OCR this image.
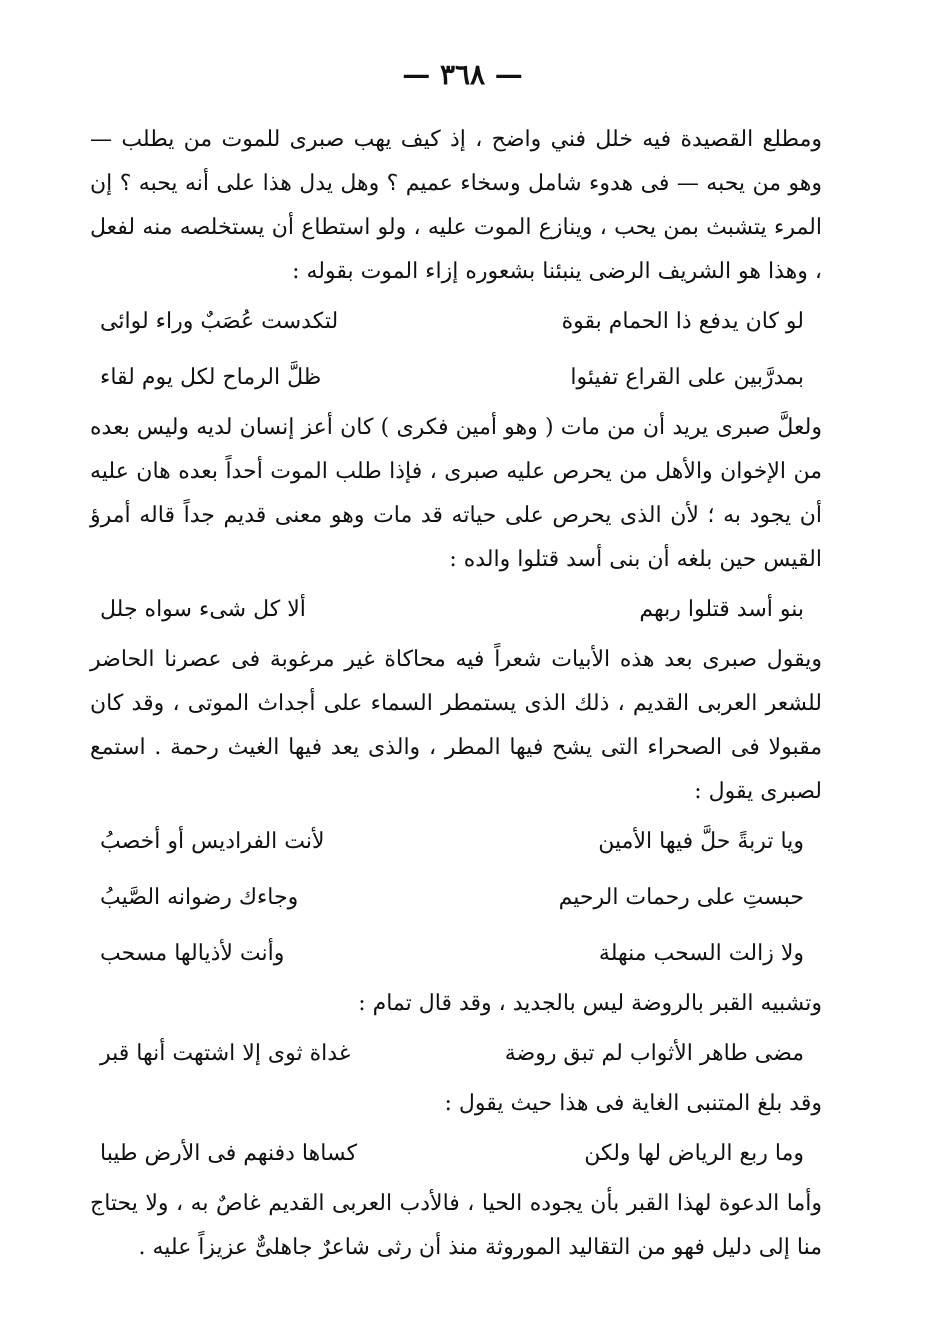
— ٣٦٨ —

ومطلع القصيدة فيه خلل فني واضح ، إذ كيف يهب صبرى للموت من يطلب — وهو من يحبه — فى هدوء شامل وسخاء عميم ؟ وهل يدل هذا على أنه يحبه ؟ إن المرء يتشبث بمن يحب ، وينازع الموت عليه ، ولو استطاع أن يستخلصه منه لفعل ، وهذا هو الشريف الرضى ينبئنا بشعوره إزاء الموت بقوله :

لو كان يدفع ذا الحمام بقوة
لتكدست عُصَبٌ وراء لوائى
بمدرَّبين على القراع تفيئوا
ظلَّ الرماح لكل يوم لقاء

ولعلَّ صبرى يريد أن من مات ( وهو أمين فكرى ) كان أعز إنسان لديه وليس بعده من الإخوان والأهل من يحرص عليه صبرى ، فإذا طلب الموت أحداً بعده هان عليه أن يجود به ؛ لأن الذى يحرص على حياته قد مات وهو معنى قديم جداً قاله أمرؤ القيس حين بلغه أن بنى أسد قتلوا والده :

بنو أسد قتلوا ربهم
ألا كل شىء سواه جلل

ويقول صبرى بعد هذه الأبيات شعراً فيه محاكاة غير مرغوبة فى عصرنا الحاضر للشعر العربى القديم ، ذلك الذى يستمطر السماء على أجداث الموتى ، وقد كان مقبولا فى الصحراء التى يشح فيها المطر ، والذى يعد فيها الغيث رحمة . استمع لصبرى يقول :

ويا تربةً حلَّ فيها الأمين
لأنت الفراديس أو أخصبُ
حبستِ على رحمات الرحيم
وجاءك رضوانه الصَّيبُ
ولا زالت السحب منهلة
وأنت لأذيالها مسحب

وتشبيه القبر بالروضة ليس بالجديد ، وقد قال تمام :

مضى طاهر الأثواب لم تبق روضة
غداة ثوى إلا اشتهت أنها قبر

وقد بلغ المتنبى الغاية فى هذا حيث يقول :

وما ربع الرياض لها ولكن
كساها دفنهم فى الأرض طيبا

وأما الدعوة لهذا القبر بأن يجوده الحيا ، فالأدب العربى القديم غاصٌ به ، ولا يحتاج منا إلى دليل فهو من التقاليد الموروثة منذ أن رثى شاعرٌ جاهلىٌّ عزيزاً عليه .
